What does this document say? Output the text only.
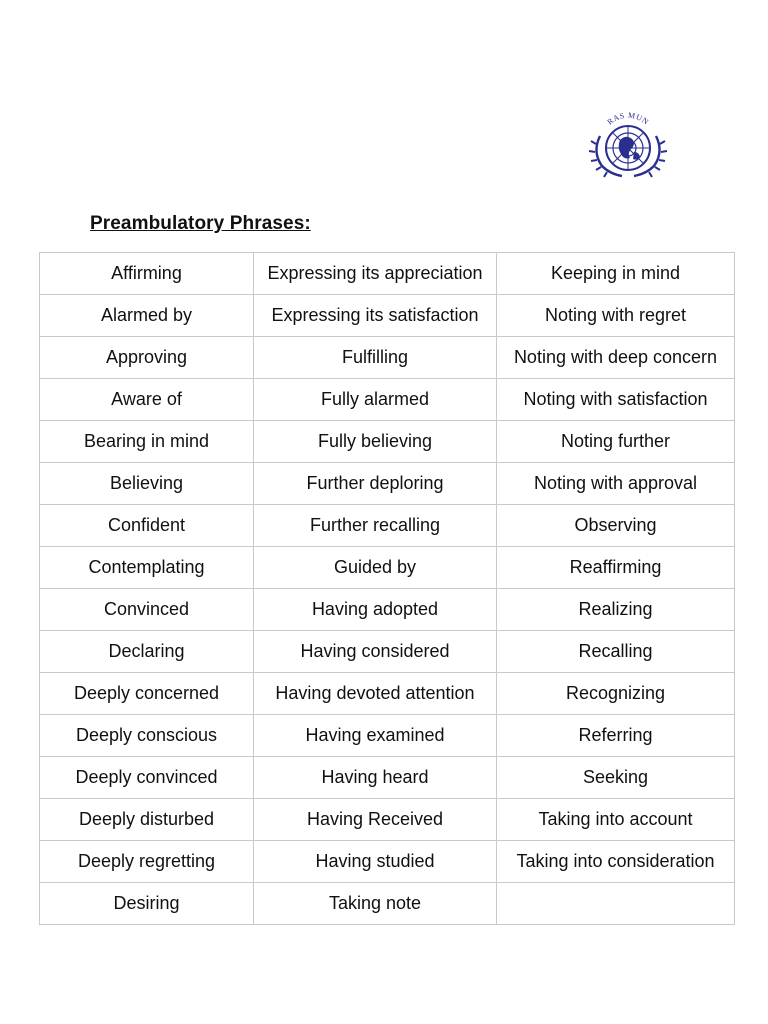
RAS MUN
Preambulatory Phrases:
Affirming	Expressing its appreciation	Keeping in mind
Alarmed by	Expressing its satisfaction	Noting with regret
Approving	Fulfilling	Noting with deep concern
Aware of	Fully alarmed	Noting with satisfaction
Bearing in mind	Fully believing	Noting further
Believing	Further deploring	Noting with approval
Confident	Further recalling	Observing
Contemplating	Guided by	Reaffirming
Convinced	Having adopted	Realizing
Declaring	Having considered	Recalling
Deeply concerned	Having devoted attention	Recognizing
Deeply conscious	Having examined	Referring
Deeply convinced	Having heard	Seeking
Deeply disturbed	Having Received	Taking into account
Deeply regretting	Having studied	Taking into consideration
Desiring	Taking note	
